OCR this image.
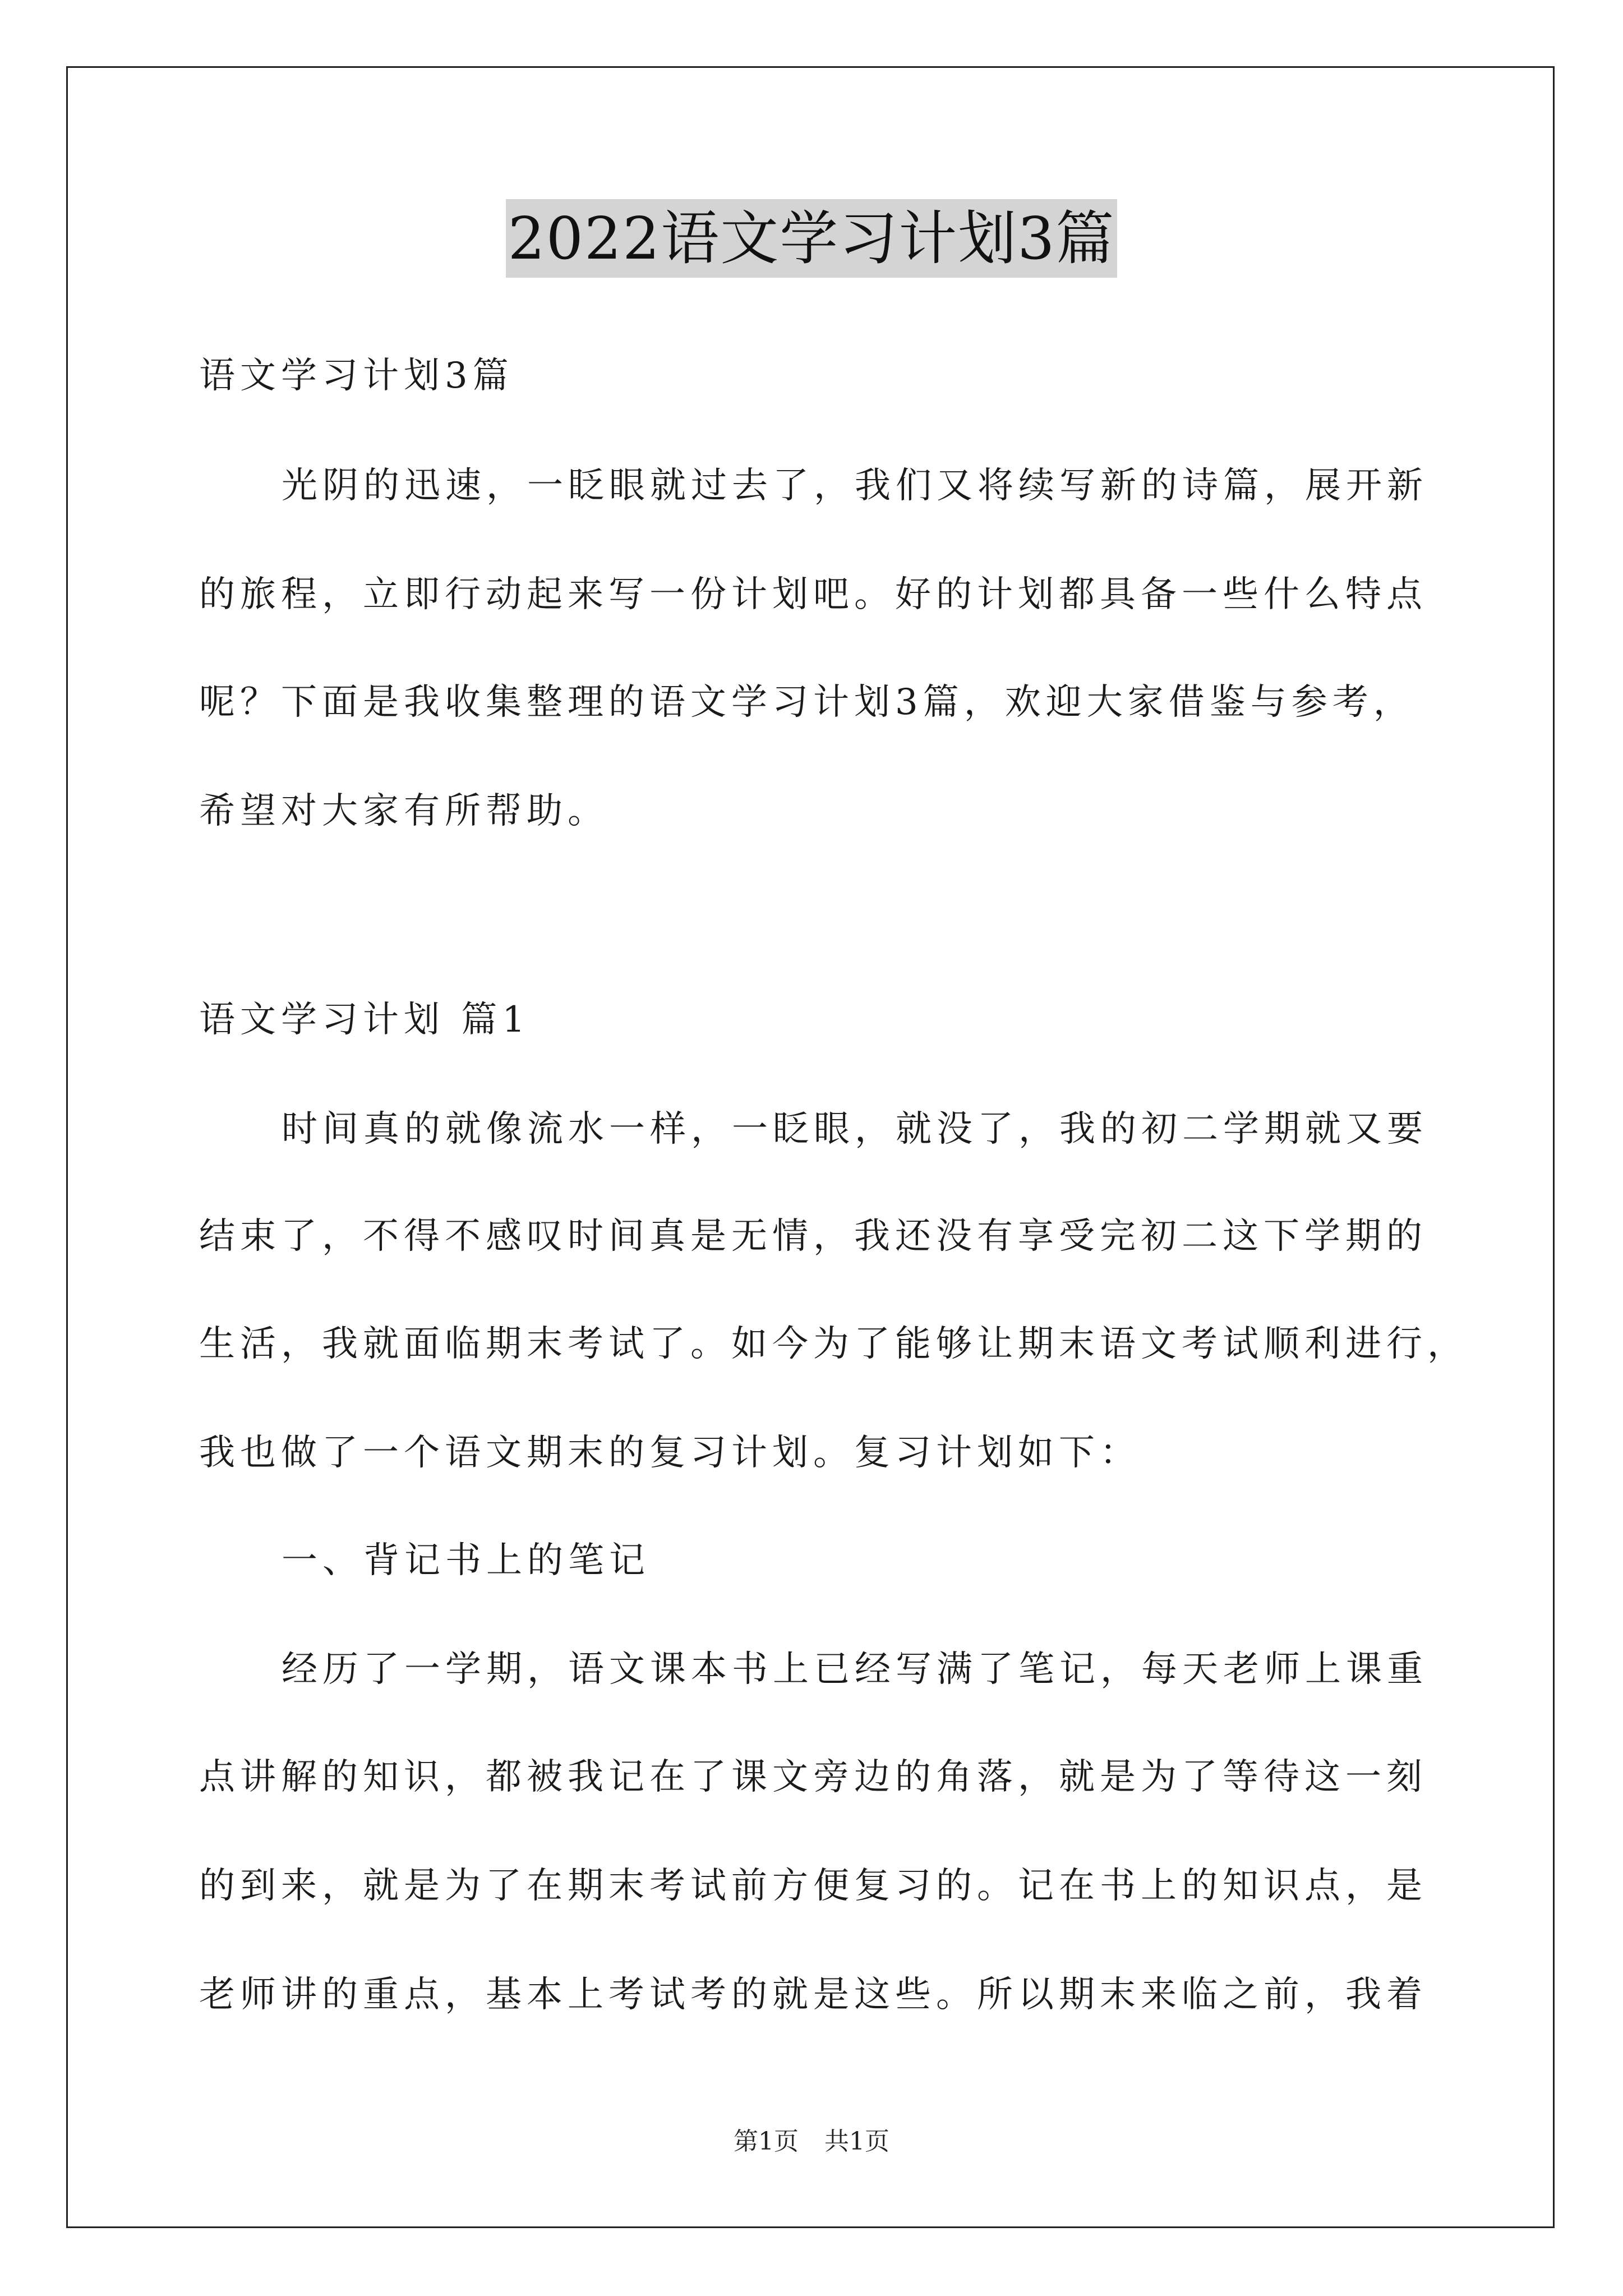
2022语文学习计划3篇
语文学习计划3篇
光阴的迅速，一眨眼就过去了，我们又将续写新的诗篇，展开新
的旅程，立即行动起来写一份计划吧。好的计划都具备一些什么特点
呢？下面是我收集整理的语文学习计划3篇，欢迎大家借鉴与参考，
希望对大家有所帮助。
语文学习计划 篇1
时间真的就像流水一样，一眨眼，就没了，我的初二学期就又要
结束了，不得不感叹时间真是无情，我还没有享受完初二这下学期的
生活，我就面临期末考试了。如今为了能够让期末语文考试顺利进行，
我也做了一个语文期末的复习计划。复习计划如下：
一、背记书上的笔记
经历了一学期，语文课本书上已经写满了笔记，每天老师上课重
点讲解的知识，都被我记在了课文旁边的角落，就是为了等待这一刻
的到来，就是为了在期末考试前方便复习的。记在书上的知识点，是
老师讲的重点，基本上考试考的就是这些。所以期末来临之前，我着
第1页 共1页
